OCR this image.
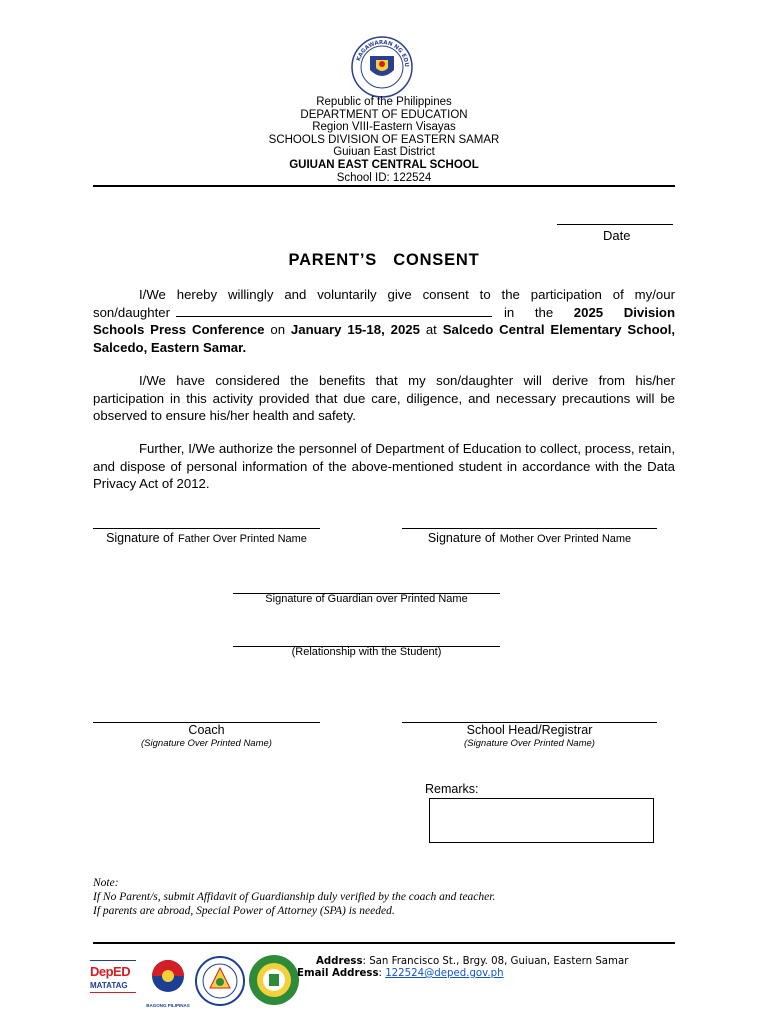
KAGAWARAN NG EDU
Republic of the Philippines
DEPARTMENT OF EDUCATION
Region VIII-Eastern Visayas
SCHOOLS DIVISION OF EASTERN SAMAR
Guiuan East District
GUIUAN EAST CENTRAL SCHOOL
School ID: 122524
Date
PARENT’S   CONSENT
I/We hereby willingly and voluntarily give consent to the participation of my/our son/daughter	in the 2025 Division Schools Press Conference on January 15-18, 2025 at Salcedo Central Elementary School, Salcedo, Eastern Samar.
I/We have considered the benefits that my son/daughter will derive from his/her participation in this activity provided that due care, diligence, and necessary precautions will be observed to ensure his/her health and safety.
Further, I/We authorize the personnel of Department of Education to collect, process, retain, and dispose of personal information of the above-mentioned student in accordance with the Data Privacy Act of 2012.
Signature of Father Over Printed Name	Signature of Mother Over Printed Name
Signature of Guardian over Printed Name
(Relationship with the Student)
Coach
(Signature Over Printed Name)
School Head/Registrar
(Signature Over Printed Name)
Remarks:
Note:
If No Parent/s, submit Affidavit of Guardianship duly verified by the coach and teacher.
If parents are abroad, Special Power of Attorney (SPA) is needed.
DepED
MATATAG
BAGONG PILIPINAS
Address: San Francisco St., Brgy. 08, Guiuan, Eastern Samar
Email Address: 122524@deped.gov.ph
